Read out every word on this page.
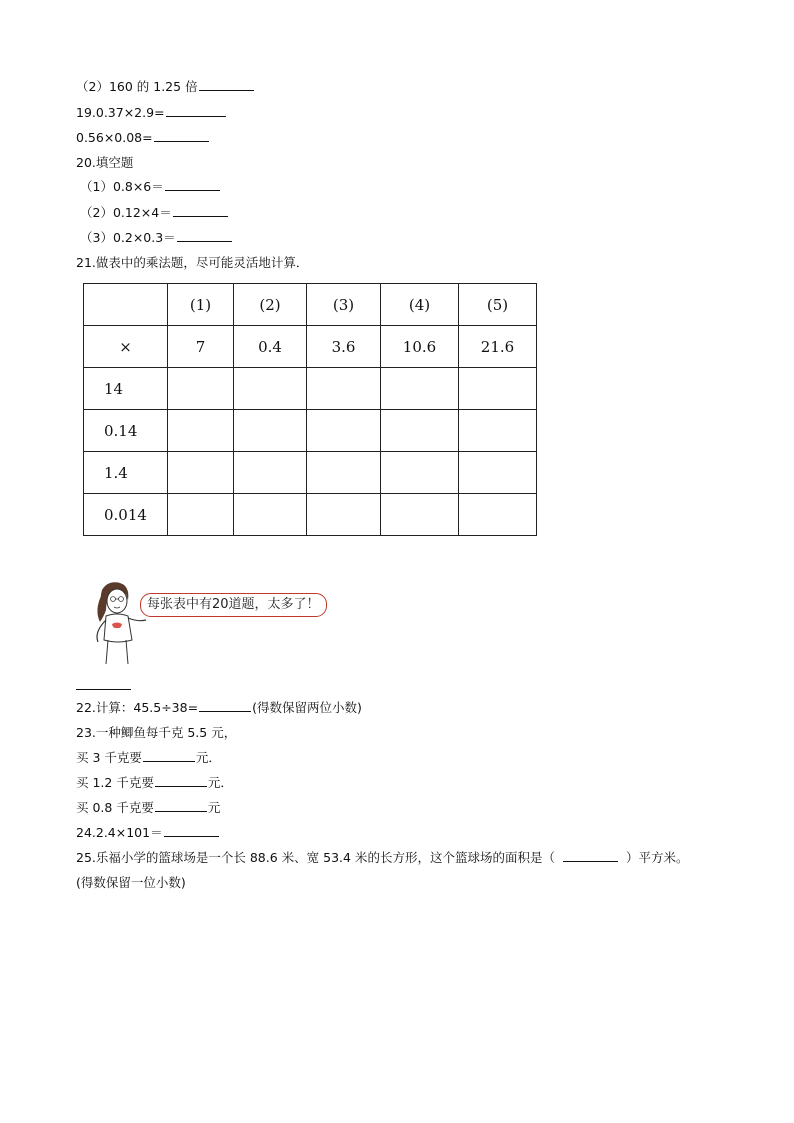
（2）160 的 1.25 倍
19.0.37×2.9=
0.56×0.08=
20.填空题
（1）0.8×6＝
（2）0.12×4＝
（3）0.2×0.3＝
21.做表中的乘法题，尽可能灵活地计算．
	(1)	(2)	(3)	(4)	(5)
×	7	0.4	3.6	10.6	21.6
14					
0.14					
1.4					
0.014					
每张表中有20道题，太多了！
22.计算：45.5÷38=	(得数保留两位小数)
23.一种鲫鱼每千克 5.5 元，
买 3 千克要	元．
买 1.2 千克要	元．
买 0.8 千克要	元
24.2.4×101＝
25.乐福小学的篮球场是一个长 88.6 米、宽 53.4 米的长方形，这个篮球场的面积是（	）平方米。
(得数保留一位小数)
